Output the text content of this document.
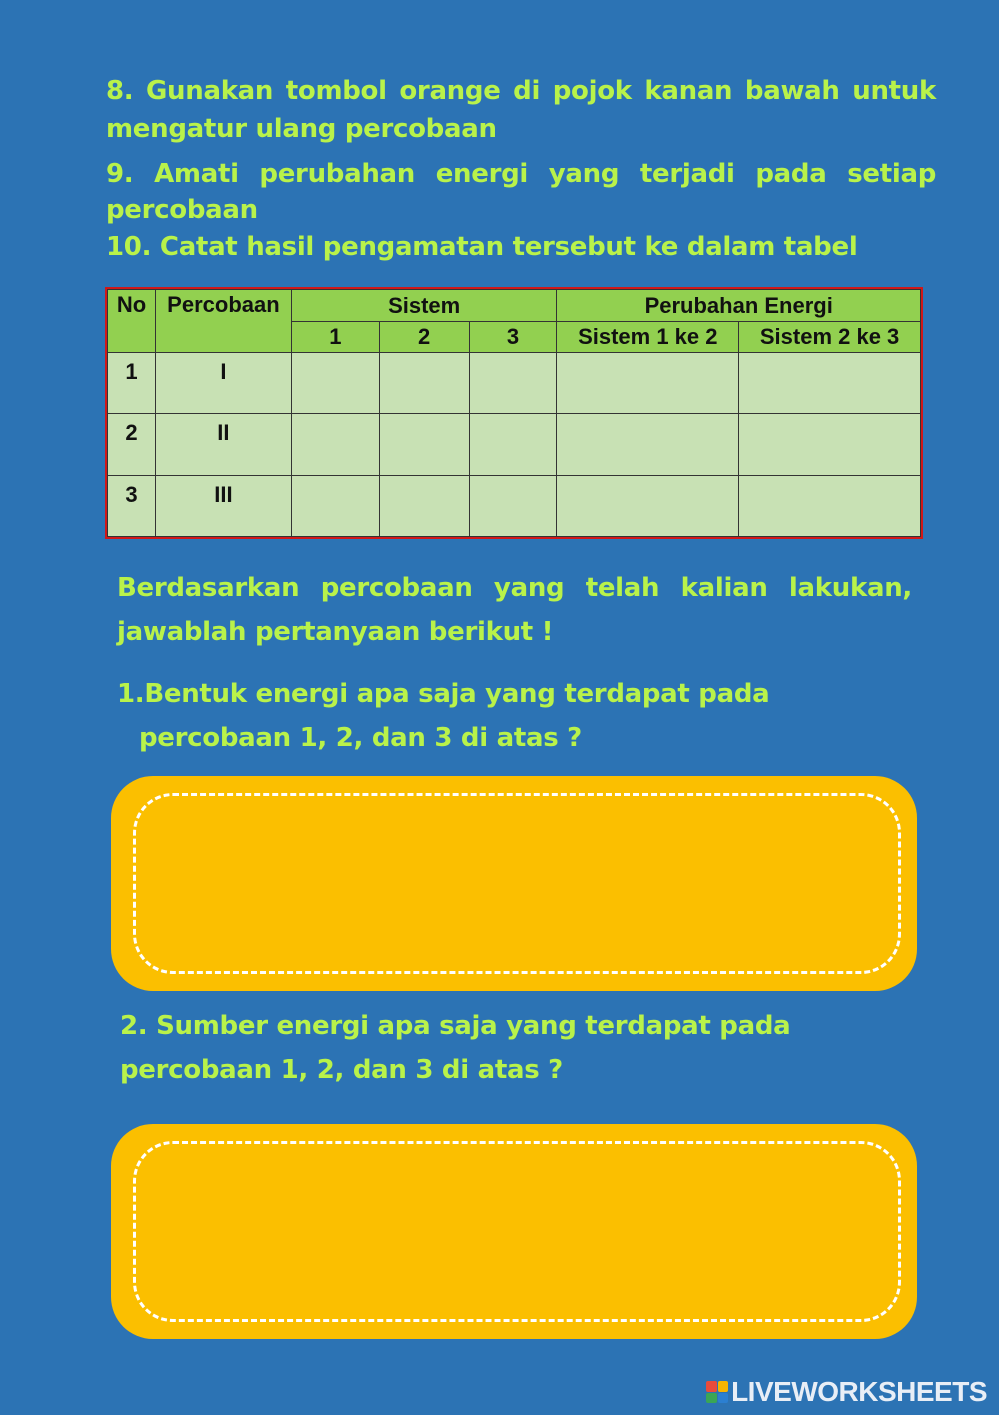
8. Gunakan tombol orange di pojok kanan bawah untuk mengatur ulang percobaan
9. Amati perubahan energi yang terjadi pada setiap percobaan
10. Catat hasil pengamatan tersebut ke dalam tabel
No	Percobaan	Sistem			Perubahan Energi	
		1	2	3	Sistem 1 ke 2	Sistem 2 ke 3
1	I					
2	II					
3	III					
Berdasarkan percobaan yang telah kalian lakukan, jawablah pertanyaan berikut !
1.Bentuk energi apa saja yang terdapat pada
percobaan 1, 2, dan 3 di atas ?
2. Sumber energi apa saja yang terdapat pada percobaan 1, 2, dan 3 di atas ?
LIVEWORKSHEETS
